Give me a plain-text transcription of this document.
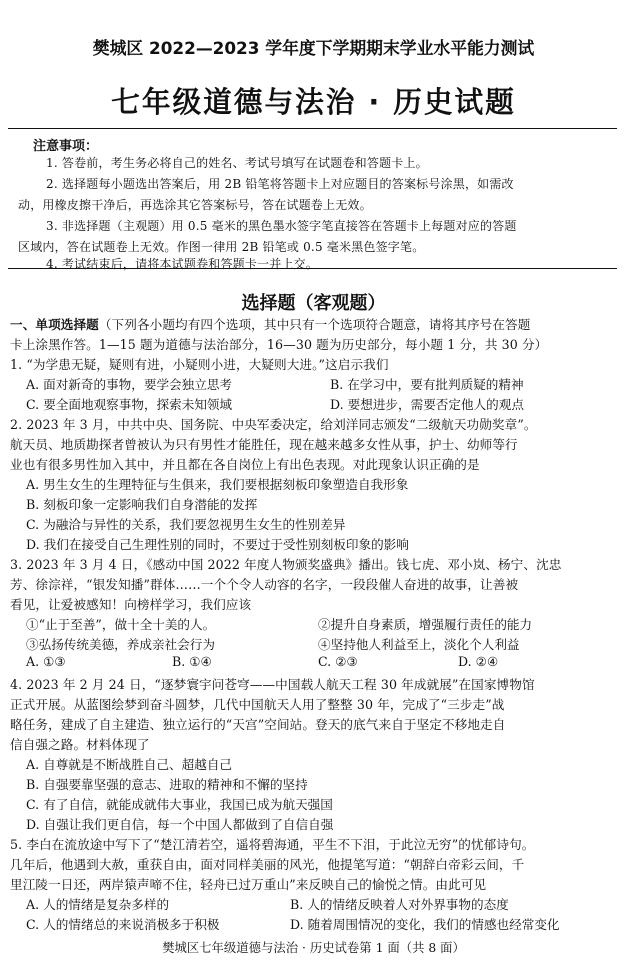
樊城区 2022—2023 学年度下学期期末学业水平能力测试
七年级道德与法治 · 历史试题
注意事项：
1. 答卷前，考生务必将自己的姓名、考试号填写在试题卷和答题卡上。
2. 选择题每小题选出答案后，用 2B 铅笔将答题卡上对应题目的答案标号涂黑，如需改
动，用橡皮擦干净后，再选涂其它答案标号，答在试题卷上无效。
3. 非选择题（主观题）用 0.5 毫米的黑色墨水签字笔直接答在答题卡上每题对应的答题
区域内，答在试题卷上无效。作图一律用 2B 铅笔或 0.5 毫米黑色签字笔。
4. 考试结束后，请将本试题卷和答题卡一并上交。
选择题（客观题）
一、单项选择题（下列各小题均有四个选项，其中只有一个选项符合题意，请将其序号在答题
卡上涂黑作答。1—15 题为道德与法治部分，16—30 题为历史部分，每小题 1 分，共 30 分）
1. “为学患无疑，疑则有进，小疑则小进，大疑则大进。”这启示我们
A. 面对新奇的事物，要学会独立思考	B. 在学习中，要有批判质疑的精神
C. 要全面地观察事物，探索未知领域	D. 要想进步，需要否定他人的观点
2. 2023 年 3 月，中共中央、国务院、中央军委决定，给刘洋同志颁发“二级航天功勋奖章”。
航天员、地质勘探者曾被认为只有男性才能胜任，现在越来越多女性从事，护士、幼师等行
业也有很多男性加入其中，并且都在各自岗位上有出色表现。对此现象认识正确的是
A. 男生女生的生理特征与生俱来，我们要根据刻板印象塑造自我形象
B. 刻板印象一定影响我们自身潜能的发挥
C. 为融洽与异性的关系，我们要忽视男生女生的性别差异
D. 我们在接受自己生理性别的同时，不要过于受性别刻板印象的影响
3. 2023 年 3 月 4 日，《感动中国 2022 年度人物颁奖盛典》播出。钱七虎、邓小岚、杨宁、沈忠
芳、徐淙祥，“银发知播”群体……一个个令人动容的名字，一段段催人奋进的故事，让善被
看见，让爱被感知！向榜样学习，我们应该
①“止于至善”，做十全十美的人。	②提升自身素质，增强履行责任的能力
③弘扬传统美德，养成亲社会行为	④坚持他人利益至上，淡化个人利益
A. ①③	B. ①④	C. ②③	D. ②④
4. 2023 年 2 月 24 日，“逐梦寰宇问苍穹——中国载人航天工程 30 年成就展”在国家博物馆
正式开展。从蓝图绘梦到奋斗圆梦，几代中国航天人用了整整 30 年，完成了“三步走”战
略任务，建成了自主建造、独立运行的“天宫”空间站。登天的底气来自于坚定不移地走自
信自强之路。材料体现了
A. 自尊就是不断战胜自己、超越自己
B. 自强要靠坚强的意志、进取的精神和不懈的坚持
C. 有了自信，就能成就伟大事业，我国已成为航天强国
D. 自强让我们更自信，每一个中国人都做到了自信自强
5. 李白在流放途中写下了“楚江清若空，遥将碧海通，平生不下泪，于此泣无穷”的忧郁诗句。
几年后，他遇到大赦，重获自由，面对同样美丽的风光，他提笔写道：“朝辞白帝彩云间，千
里江陵一日还，两岸猿声啼不住，轻舟已过万重山”来反映自己的愉悦之情。由此可见
A. 人的情绪是复杂多样的	B. 人的情绪反映着人对外界事物的态度
C. 人的情绪总的来说消极多于积极	D. 随着周围情况的变化，我们的情感也经常变化
樊城区七年级道德与法治 · 历史试卷第 1 面（共 8 面）
